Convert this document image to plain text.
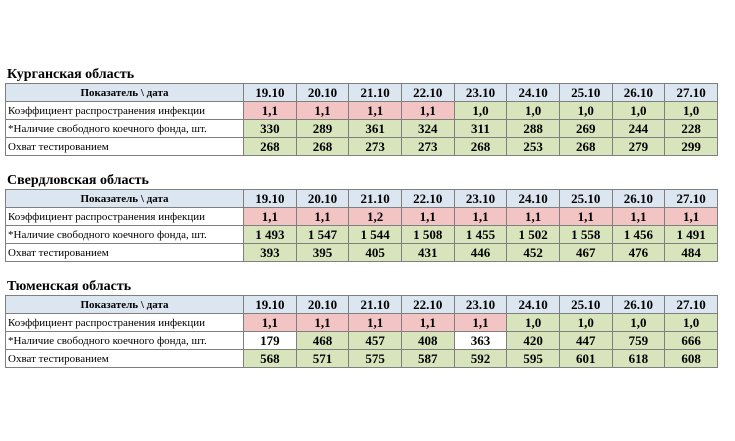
Курганская область
Показатель \ дата	19.10	20.10	21.10	22.10	23.10	24.10	25.10	26.10	27.10
Коэффициент распространения инфекции	1,1	1,1	1,1	1,1	1,0	1,0	1,0	1,0	1,0
*Наличие свободного коечного фонда, шт.	330	289	361	324	311	288	269	244	228
Охват тестированием	268	268	273	273	268	253	268	279	299
Свердловская область
Показатель \ дата	19.10	20.10	21.10	22.10	23.10	24.10	25.10	26.10	27.10
Коэффициент распространения инфекции	1,1	1,1	1,2	1,1	1,1	1,1	1,1	1,1	1,1
*Наличие свободного коечного фонда, шт.	1 493	1 547	1 544	1 508	1 455	1 502	1 558	1 456	1 491
Охват тестированием	393	395	405	431	446	452	467	476	484
Тюменская область
Показатель \ дата	19.10	20.10	21.10	22.10	23.10	24.10	25.10	26.10	27.10
Коэффициент распространения инфекции	1,1	1,1	1,1	1,1	1,1	1,0	1,0	1,0	1,0
*Наличие свободного коечного фонда, шт.	179	468	457	408	363	420	447	759	666
Охват тестированием	568	571	575	587	592	595	601	618	608
